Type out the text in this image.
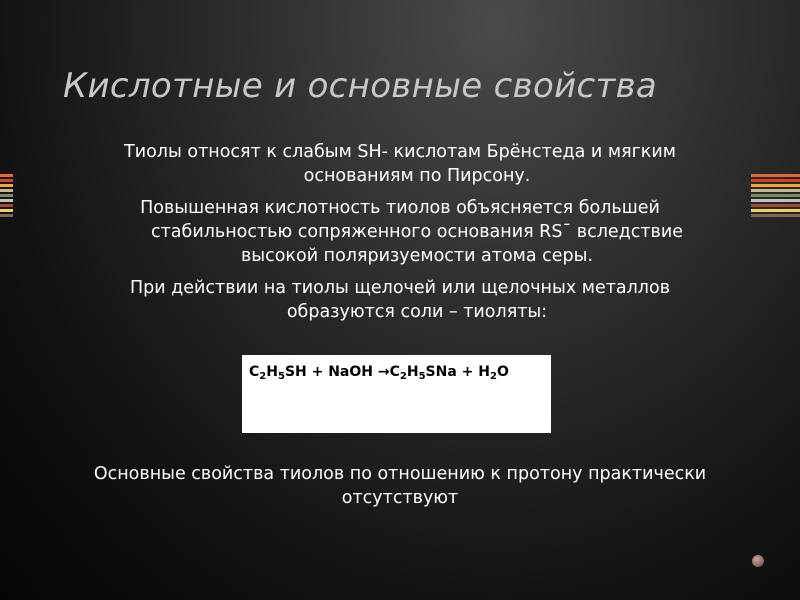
Кислотные и основные свойства

Тиолы относят к слабым SH- кислотам Брёнстеда и мягким
основаниям по Пирсону.

Повышенная кислотность тиолов объясняется большей
стабильностью сопряженного основания RS¯ вследствие
высокой поляризуемости атома серы.

При действии на тиолы щелочей или щелочных металлов
образуются соли – тиоляты:

$C_2H_5SH$ + NaOH $\to C_2H_5SNa + H_2O$
Основные свойства тиолов по отношению к протону практически
отсутствуют
